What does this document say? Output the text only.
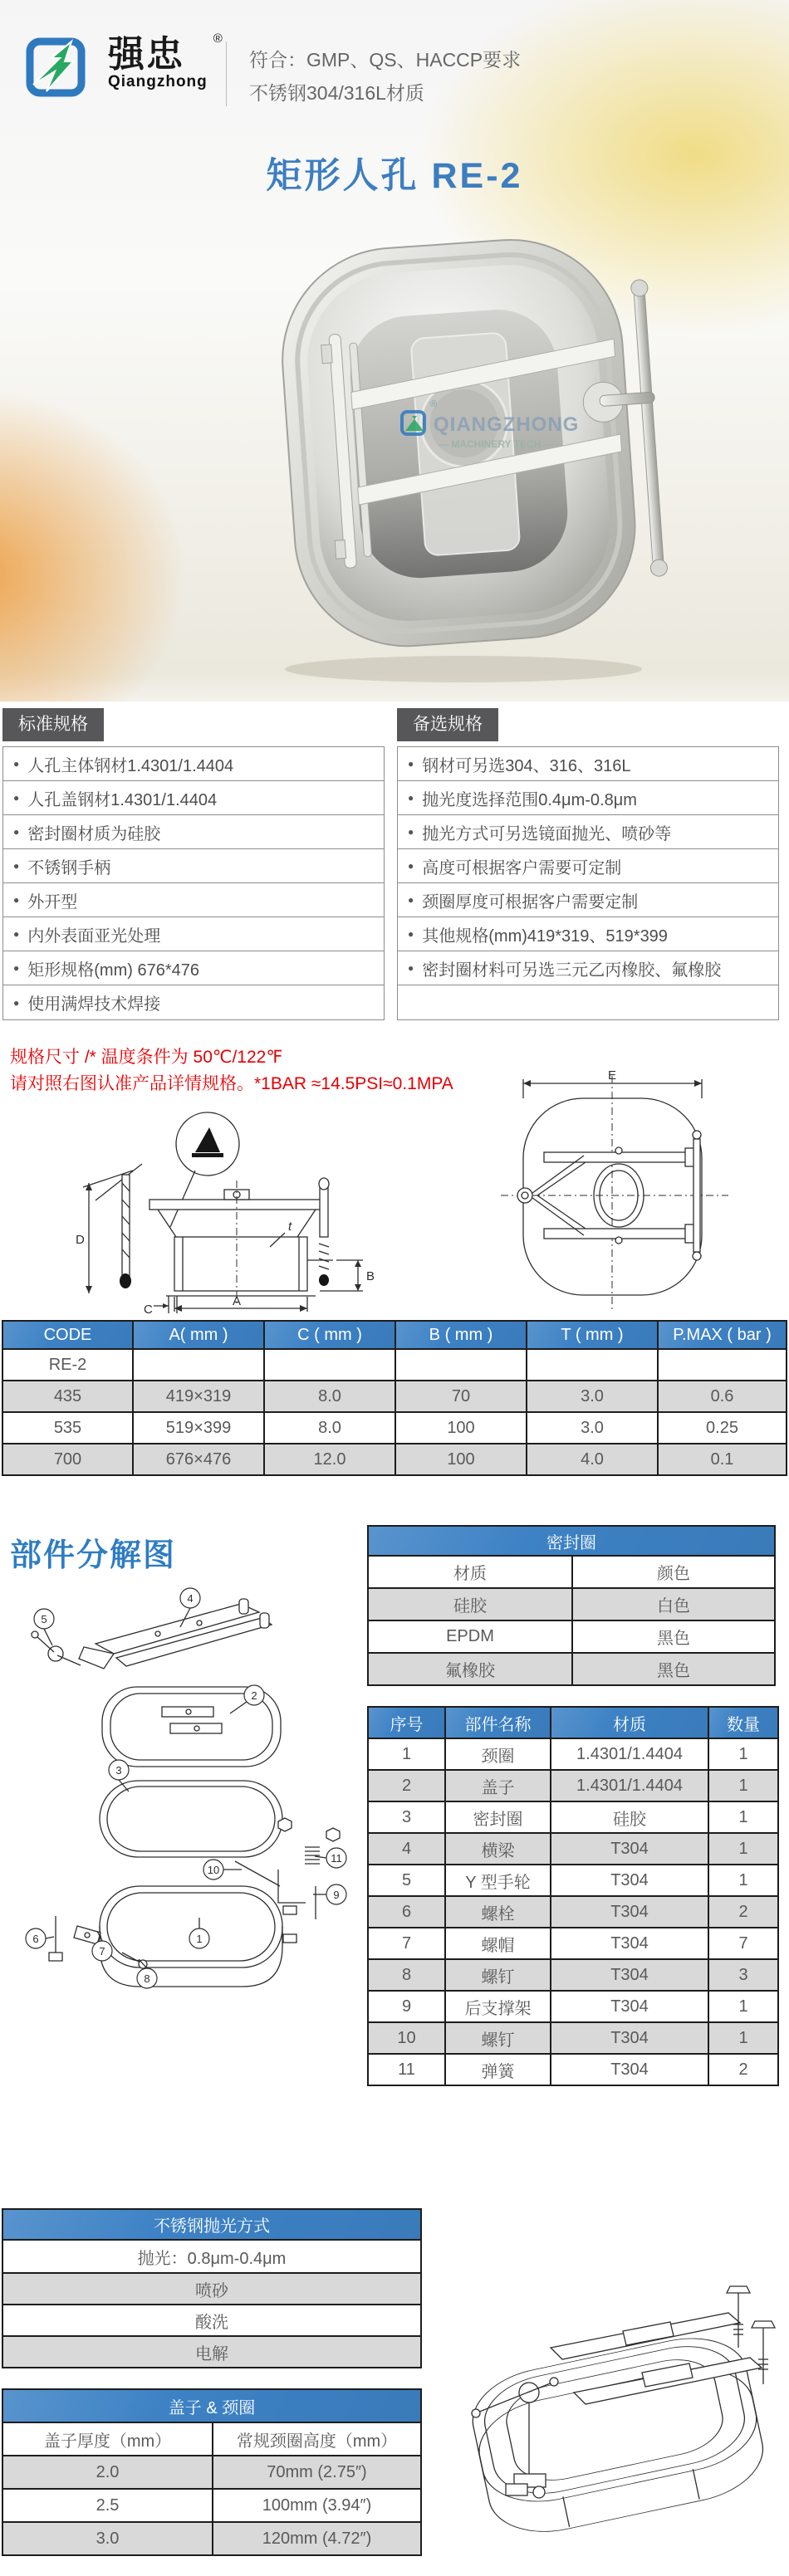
强忠	®
Qiangzhong
符合：GMP、QS、HACCP要求
不锈钢304/316L材质
矩形人孔 RE-2
®
QIANGZHONG
— MACHINERY TECH —
标准规格
● 人孔主体钢材1.4301/1.4404
● 人孔盖钢材1.4301/1.4404
● 密封圈材质为硅胶
● 不锈钢手柄
● 外开型
● 内外表面亚光处理
● 矩形规格(mm) 676*476
● 使用满焊技术焊接
备选规格
● 钢材可另选304、316、316L
● 抛光度选择范围0.4μm-0.8μm
● 抛光方式可另选镜面抛光、喷砂等
● 高度可根据客户需要可定制
● 颈圈厚度可根据客户需要定制
● 其他规格(mm)419*319、519*399
● 密封圈材料可另选三元乙丙橡胶、氟橡胶
规格尺寸 /* 温度条件为 50℃/122℉
请对照右图认准产品详情规格。*1BAR ≈14.5PSI≈0.1MPA
t
D
C
A
B
E
CODE	A( mm )	C ( mm )	B ( mm )	T ( mm )	P.MAX ( bar )
RE-2					
435	419×319	8.0	70	3.0	0.6
535	519×399	8.0	100	3.0	0.25
700	676×476	12.0	100	4.0	0.1
部件分解图
4
5
2
3
10
11
9
1
6
7
8
密封圈	
材质	颜色
硅胶	白色
EPDM	黑色
氟橡胶	黑色
序号	部件名称	材质	数量
1	颈圈	1.4301/1.4404	1
2	盖子	1.4301/1.4404	1
3	密封圈	硅胶	1
4	横梁	T304	1
5	Y 型手轮	T304	1
6	螺栓	T304	2
7	螺帽	T304	7
8	螺钉	T304	3
9	后支撑架	T304	1
10	螺钉	T304	1
11	弹簧	T304	2
不锈钢抛光方式
抛光：0.8μm-0.4μm
喷砂
酸洗
电解
盖子 & 颈圈	
盖子厚度（mm）	常规颈圈高度（mm）
2.0	70mm (2.75″)
2.5	100mm (3.94″)
3.0	120mm (4.72″)
